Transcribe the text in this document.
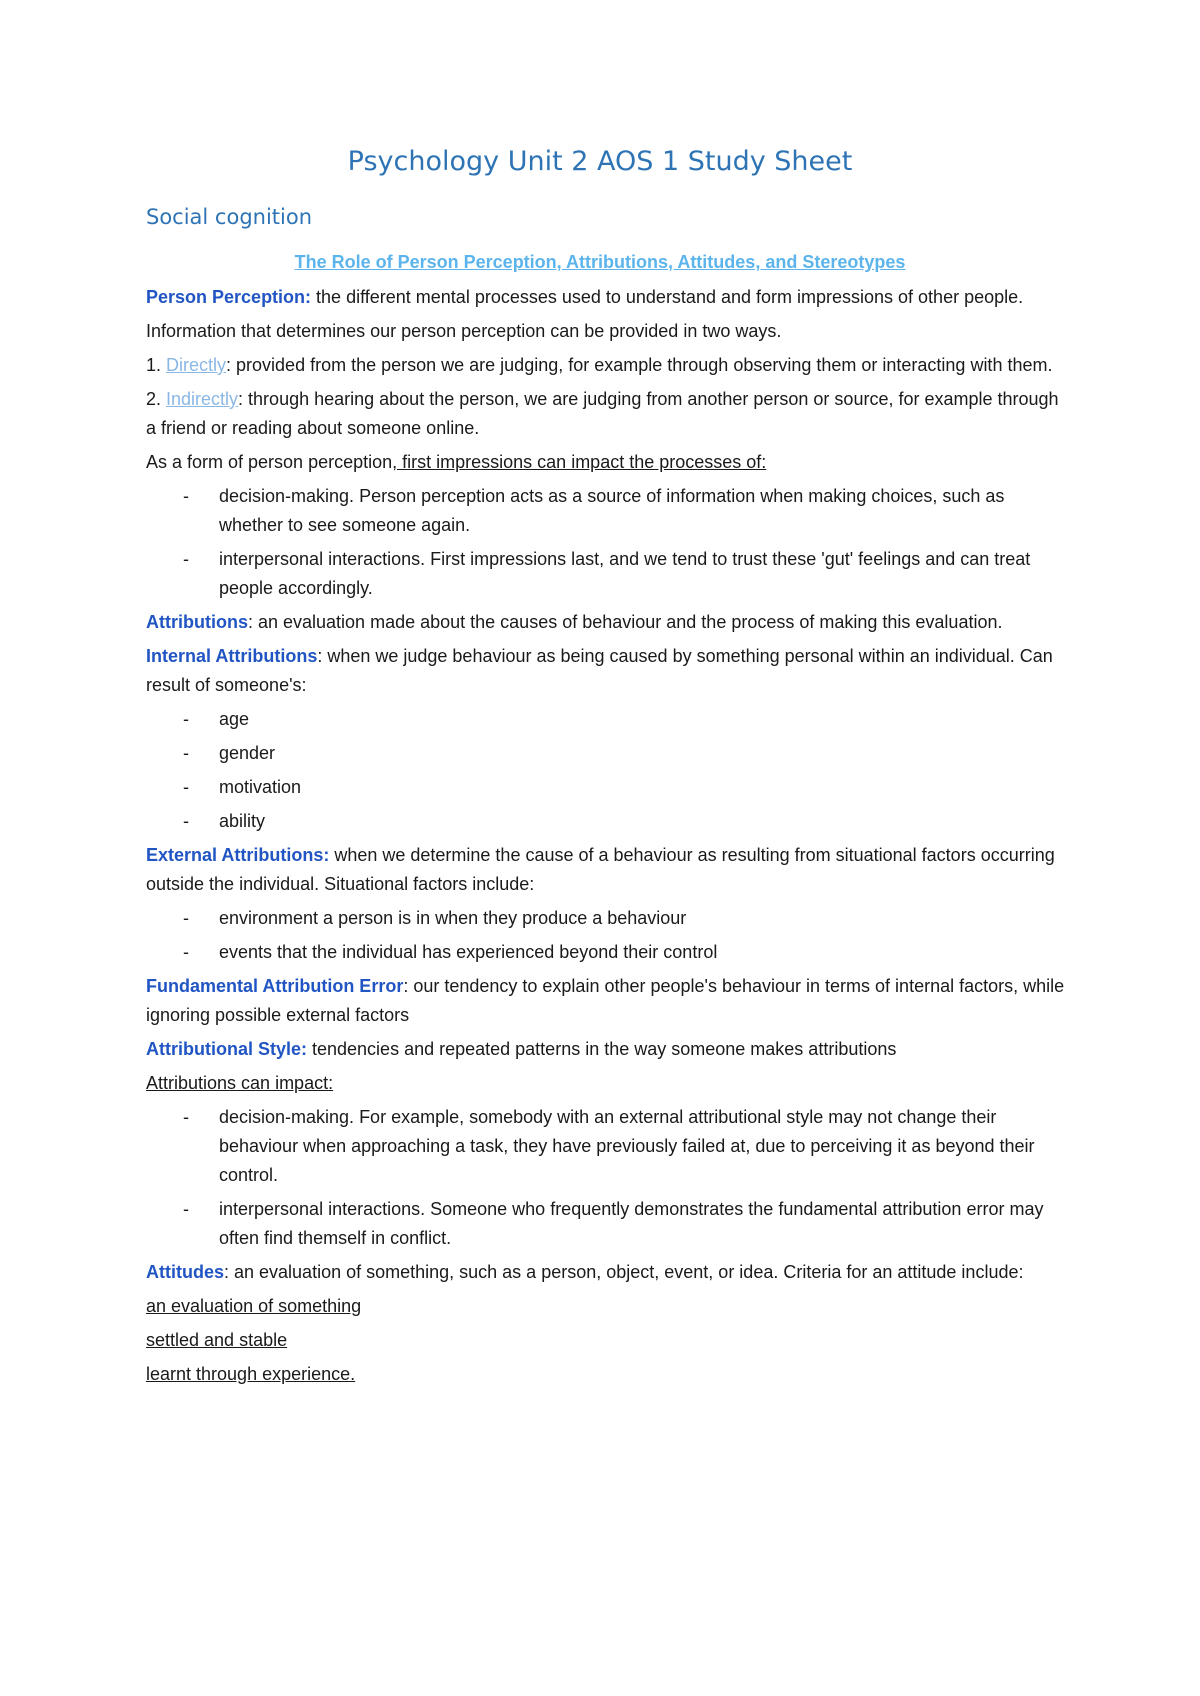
Psychology Unit 2 AOS 1 Study Sheet
Social cognition
The Role of Person Perception, Attributions, Attitudes, and Stereotypes

Person Perception: the different mental processes used to understand and form impressions of other people.

Information that determines our person perception can be provided in two ways.

1. Directly: provided from the person we are judging, for example through observing them or interacting with them.

2. Indirectly: through hearing about the person, we are judging from another person or source, for example through a friend or reading about someone online.

As a form of person perception, first impressions can impact the processes of:

- decision-making. Person perception acts as a source of information when making choices, such as whether to see someone again.
- interpersonal interactions. First impressions last, and we tend to trust these 'gut' feelings and can treat people accordingly.

Attributions: an evaluation made about the causes of behaviour and the process of making this evaluation.

Internal Attributions: when we judge behaviour as being caused by something personal within an individual. Can result of someone's:

- age
- gender
- motivation
- ability

External Attributions: when we determine the cause of a behaviour as resulting from situational factors occurring outside the individual. Situational factors include:

- environment a person is in when they produce a behaviour
- events that the individual has experienced beyond their control

Fundamental Attribution Error: our tendency to explain other people's behaviour in terms of internal factors, while ignoring possible external factors

Attributional Style: tendencies and repeated patterns in the way someone makes attributions

Attributions can impact:

- decision-making. For example, somebody with an external attributional style may not change their behaviour when approaching a task, they have previously failed at, due to perceiving it as beyond their control.
- interpersonal interactions. Someone who frequently demonstrates the fundamental attribution error may often find themself in conflict.

Attitudes: an evaluation of something, such as a person, object, event, or idea. Criteria for an attitude include:

an evaluation of something

settled and stable

learnt through experience.
